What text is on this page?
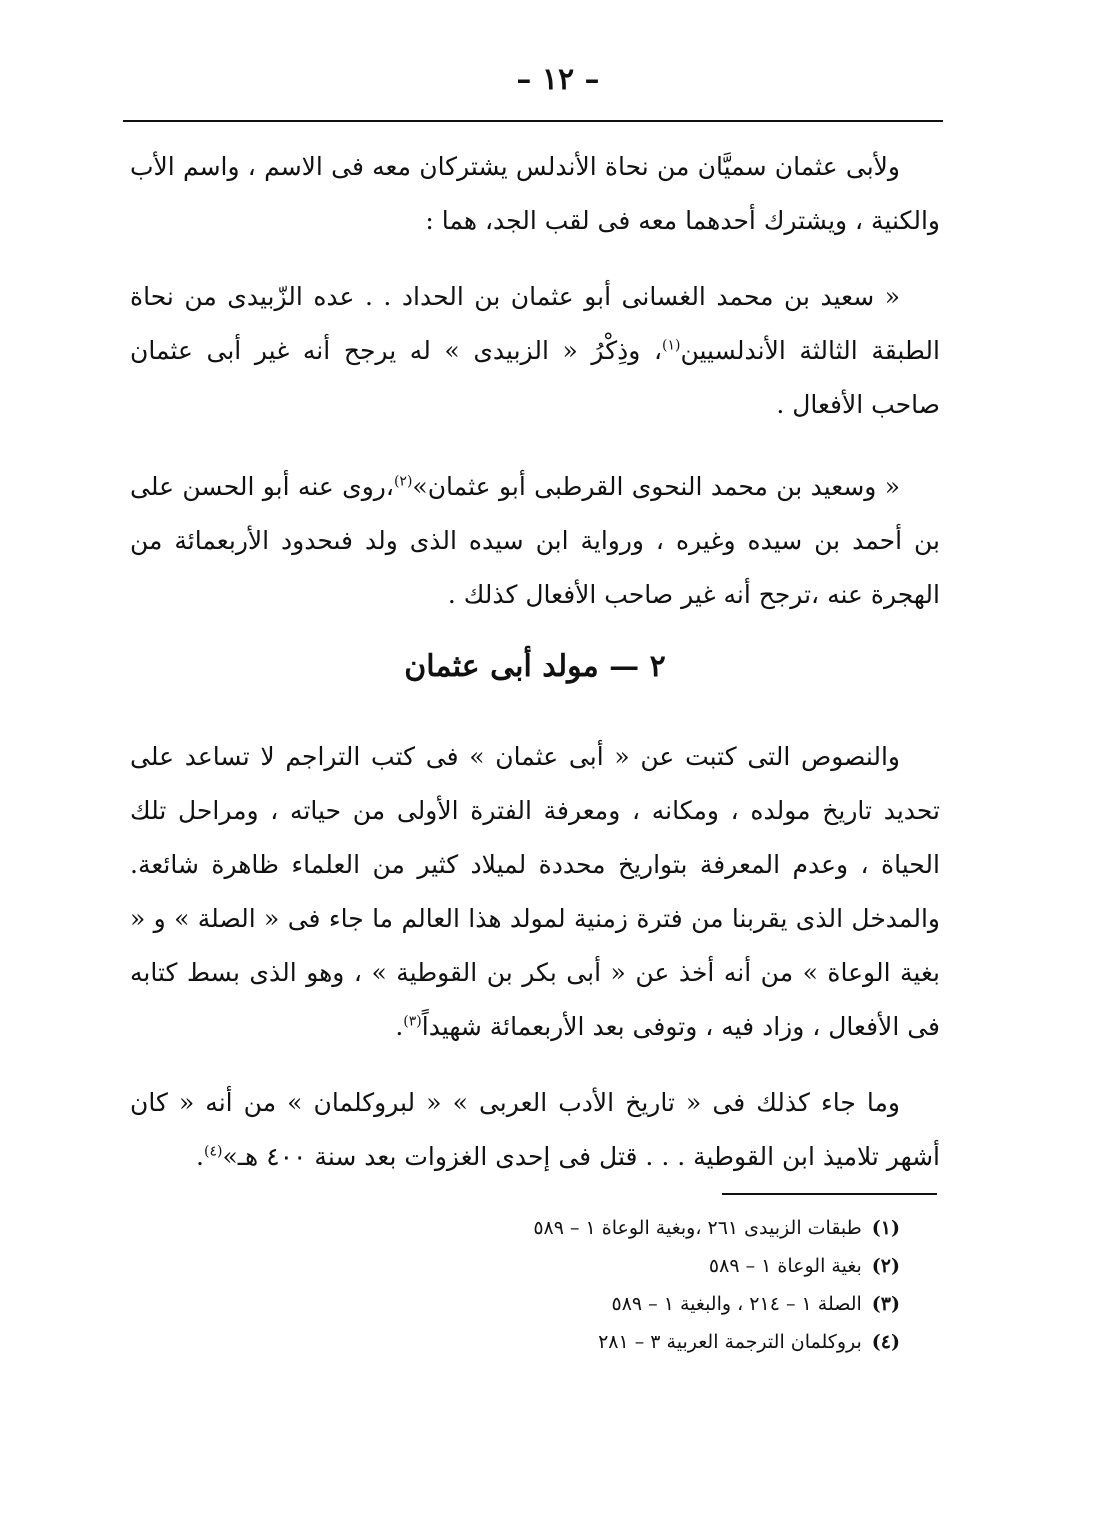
– ١٢ –

ولأبى عثمان سميَّان من نحاة الأندلس يشتركان معه فى الاسم ، واسم الأب والكنية ، ويشترك أحدهما معه فى لقب الجد، هما :

« سعيد بن محمد الغسانى أبو عثمان بن الحداد . . عده الزّبيدى من نحاة الطبقة الثالثة الأندلسيين$^{(١)}$، وذِكْرُ « الزبيدى » له يرجح أنه غير أبى عثمان صاحب الأفعال .

« وسعيد بن محمد النحوى القرطبى أبو عثمان»$^{(٢)}$،روى عنه أبو الحسن على بن أحمد بن سيده وغيره ، ورواية ابن سيده الذى ولد فىحدود الأربعمائة من الهجرة عنه ،ترجح أنه غير صاحب الأفعال كذلك .

٢ — مولد أبى عثمان

والنصوص التى كتبت عن « أبى عثمان » فى كتب التراجم لا تساعد على تحديد تاريخ مولده ، ومكانه ، ومعرفة الفترة الأولى من حياته ، ومراحل تلك الحياة ، وعدم المعرفة بتواريخ محددة لميلاد كثير من العلماء ظاهرة شائعة. والمدخل الذى يقربنا من فترة زمنية لمولد هذا العالم ما جاء فى « الصلة » و « بغية الوعاة » من أنه أخذ عن « أبى بكر بن القوطية » ، وهو الذى بسط كتابه فى الأفعال ، وزاد فيه ، وتوفى بعد الأربعمائة شهيداً$^{(٣)}$.

وما جاء كذلك فى « تاريخ الأدب العربى » « لبروكلمان » من أنه « كان أشهر تلاميذ ابن القوطية . . . قتل فى إحدى الغزوات بعد سنة ٤٠٠ هـ»$^{(٤)}$.

(١)طبقات الزبيدى ٢٦١ ،وبغية الوعاة ١ – ٥٨٩
(٢)بغية الوعاة ١ – ٥٨٩
(٣)الصلة ١ – ٢١٤ ، والبغية ١ – ٥٨٩
(٤)بروكلمان الترجمة العربية ٣ – ٢٨١
